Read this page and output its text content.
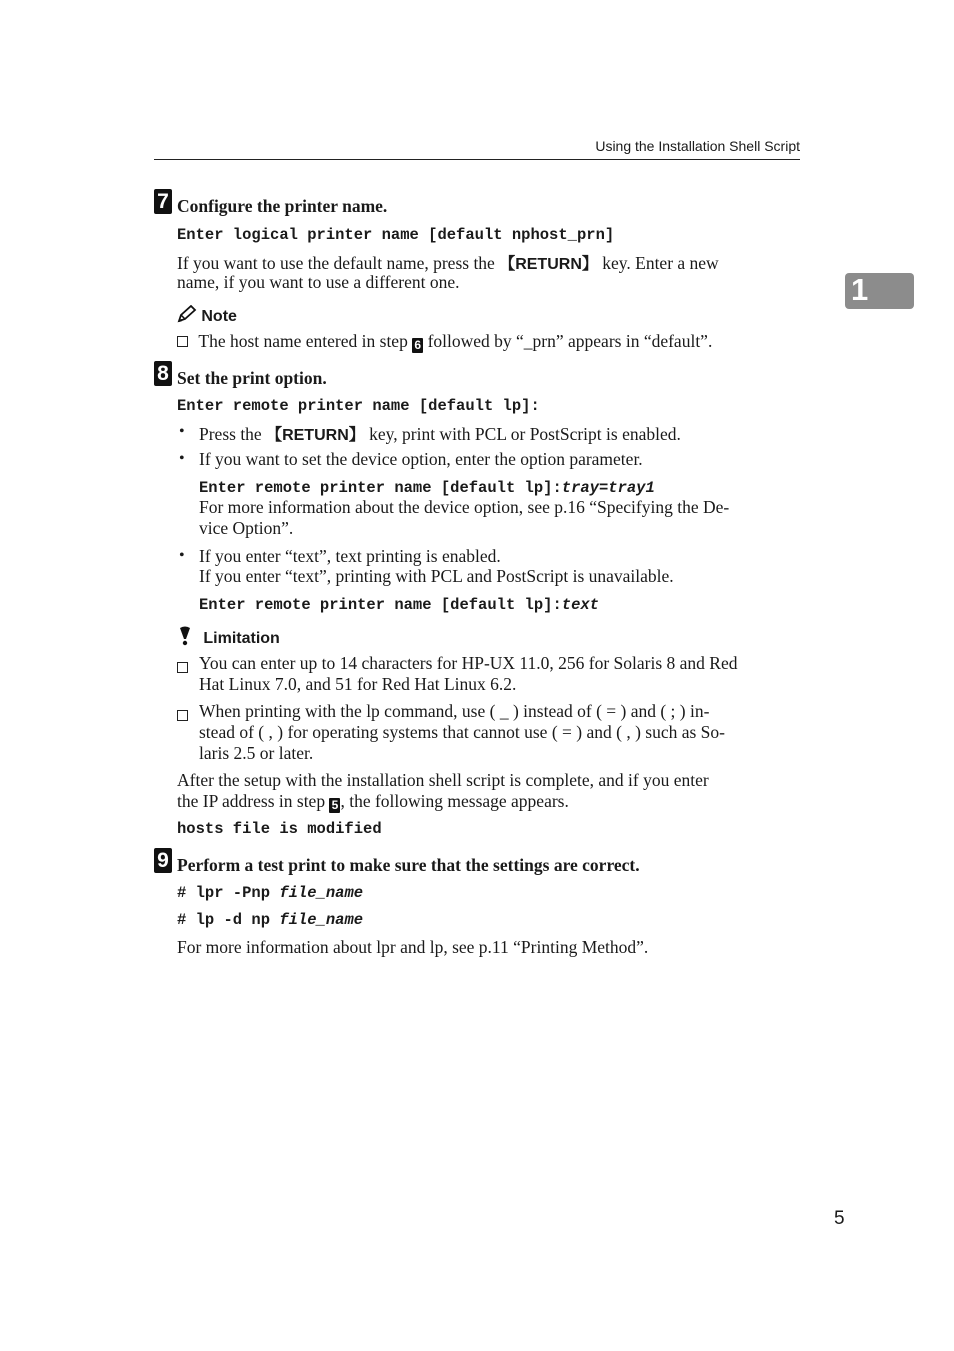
Using the Installation Shell Script
1
7 Configure the printer name.
Enter logical printer name [default nphost_prn]
If you want to use the default name, press the 【RETURN】 key. Enter a new
name, if you want to use a different one.
Note
The host name entered in step 6 followed by “_prn” appears in “default”.
8 Set the print option.
Enter remote printer name [default lp]:
• Press the 【RETURN】 key, print with PCL or PostScript is enabled.
• If you want to set the device option, enter the option parameter.
Enter remote printer name [default lp]:tray=tray1
For more information about the device option, see p.16 “Specifying the De-
vice Option”.
• If you enter “text”, text printing is enabled.
If you enter “text”, printing with PCL and PostScript is unavailable.
Enter remote printer name [default lp]:text
Limitation
You can enter up to 14 characters for HP-UX 11.0, 256 for Solaris 8 and Red
Hat Linux 7.0, and 51 for Red Hat Linux 6.2.
When printing with the lp command, use ( _ ) instead of ( = ) and ( ; ) in-
stead of ( , ) for operating systems that cannot use ( = ) and ( , ) such as So-
laris 2.5 or later.
After the setup with the installation shell script is complete, and if you enter
the IP address in step 5 , the following message appears.
hosts file is modified
9 Perform a test print to make sure that the settings are correct.
# lpr -Pnp file_name
# lp -d np file_name
For more information about lpr and lp, see p.11 “Printing Method”.
5
